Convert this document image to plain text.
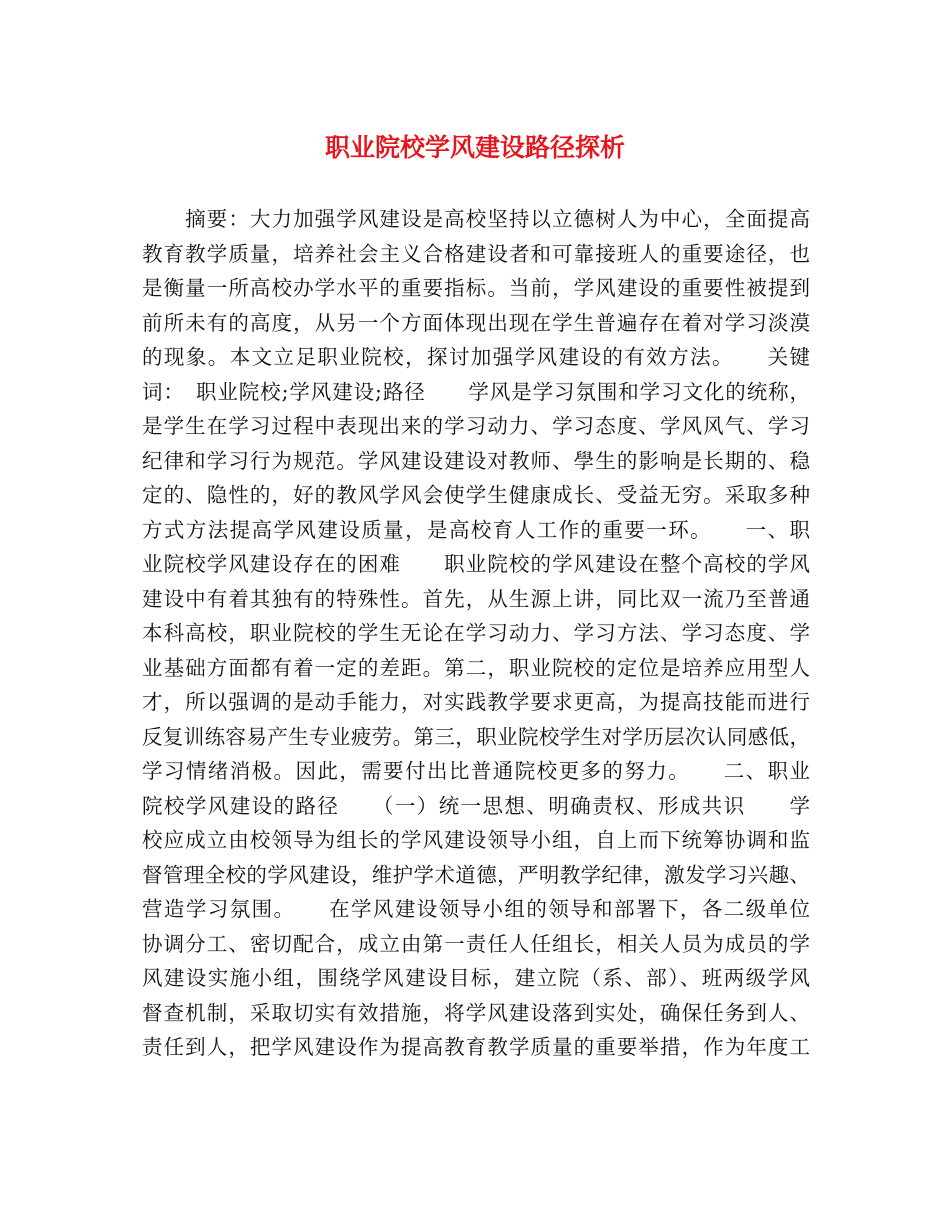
职业院校学风建设路径探析
　　摘要：大力加强学风建设是高校坚持以立德树人为中心，全面提高
教育教学质量，培养社会主义合格建设者和可靠接班人的重要途径，也
是衡量一所高校办学水平的重要指标。当前，学风建设的重要性被提到
前所未有的高度，从另一个方面体现出现在学生普遍存在着对学习淡漠
的现象。本文立足职业院校，探讨加强学风建设的有效方法。　　关键
词：　职业院校;学风建设;路径　　学风是学习氛围和学习文化的统称，
是学生在学习过程中表现出来的学习动力、学习态度、学风风气、学习
纪律和学习行为规范。学风建设建设对教师、學生的影响是长期的、稳
定的、隐性的，好的教风学风会使学生健康成长、受益无穷。采取多种
方式方法提高学风建设质量，是高校育人工作的重要一环。　　一、职
业院校学风建设存在的困难　　职业院校的学风建设在整个高校的学风
建设中有着其独有的特殊性。首先，从生源上讲，同比双一流乃至普通
本科高校，职业院校的学生无论在学习动力、学习方法、学习态度、学
业基础方面都有着一定的差距。第二，职业院校的定位是培养应用型人
才，所以强调的是动手能力，对实践教学要求更高，为提高技能而进行
反复训练容易产生专业疲劳。第三，职业院校学生对学历层次认同感低，
学习情绪消极。因此，需要付出比普通院校更多的努力。　　二、职业
院校学风建设的路径　　（一）统一思想、明确责权、形成共识　　学
校应成立由校领导为组长的学风建设领导小组，自上而下统筹协调和监
督管理全校的学风建设，维护学术道德，严明教学纪律，激发学习兴趣、
营造学习氛围。　　在学风建设领导小组的领导和部署下，各二级单位
协调分工、密切配合，成立由第一责任人任组长，相关人员为成员的学
风建设实施小组，围绕学风建设目标，建立院（系、部）、班两级学风
督查机制，采取切实有效措施，将学风建设落到实处，确保任务到人、
责任到人，把学风建设作为提高教育教学质量的重要举措，作为年度工
